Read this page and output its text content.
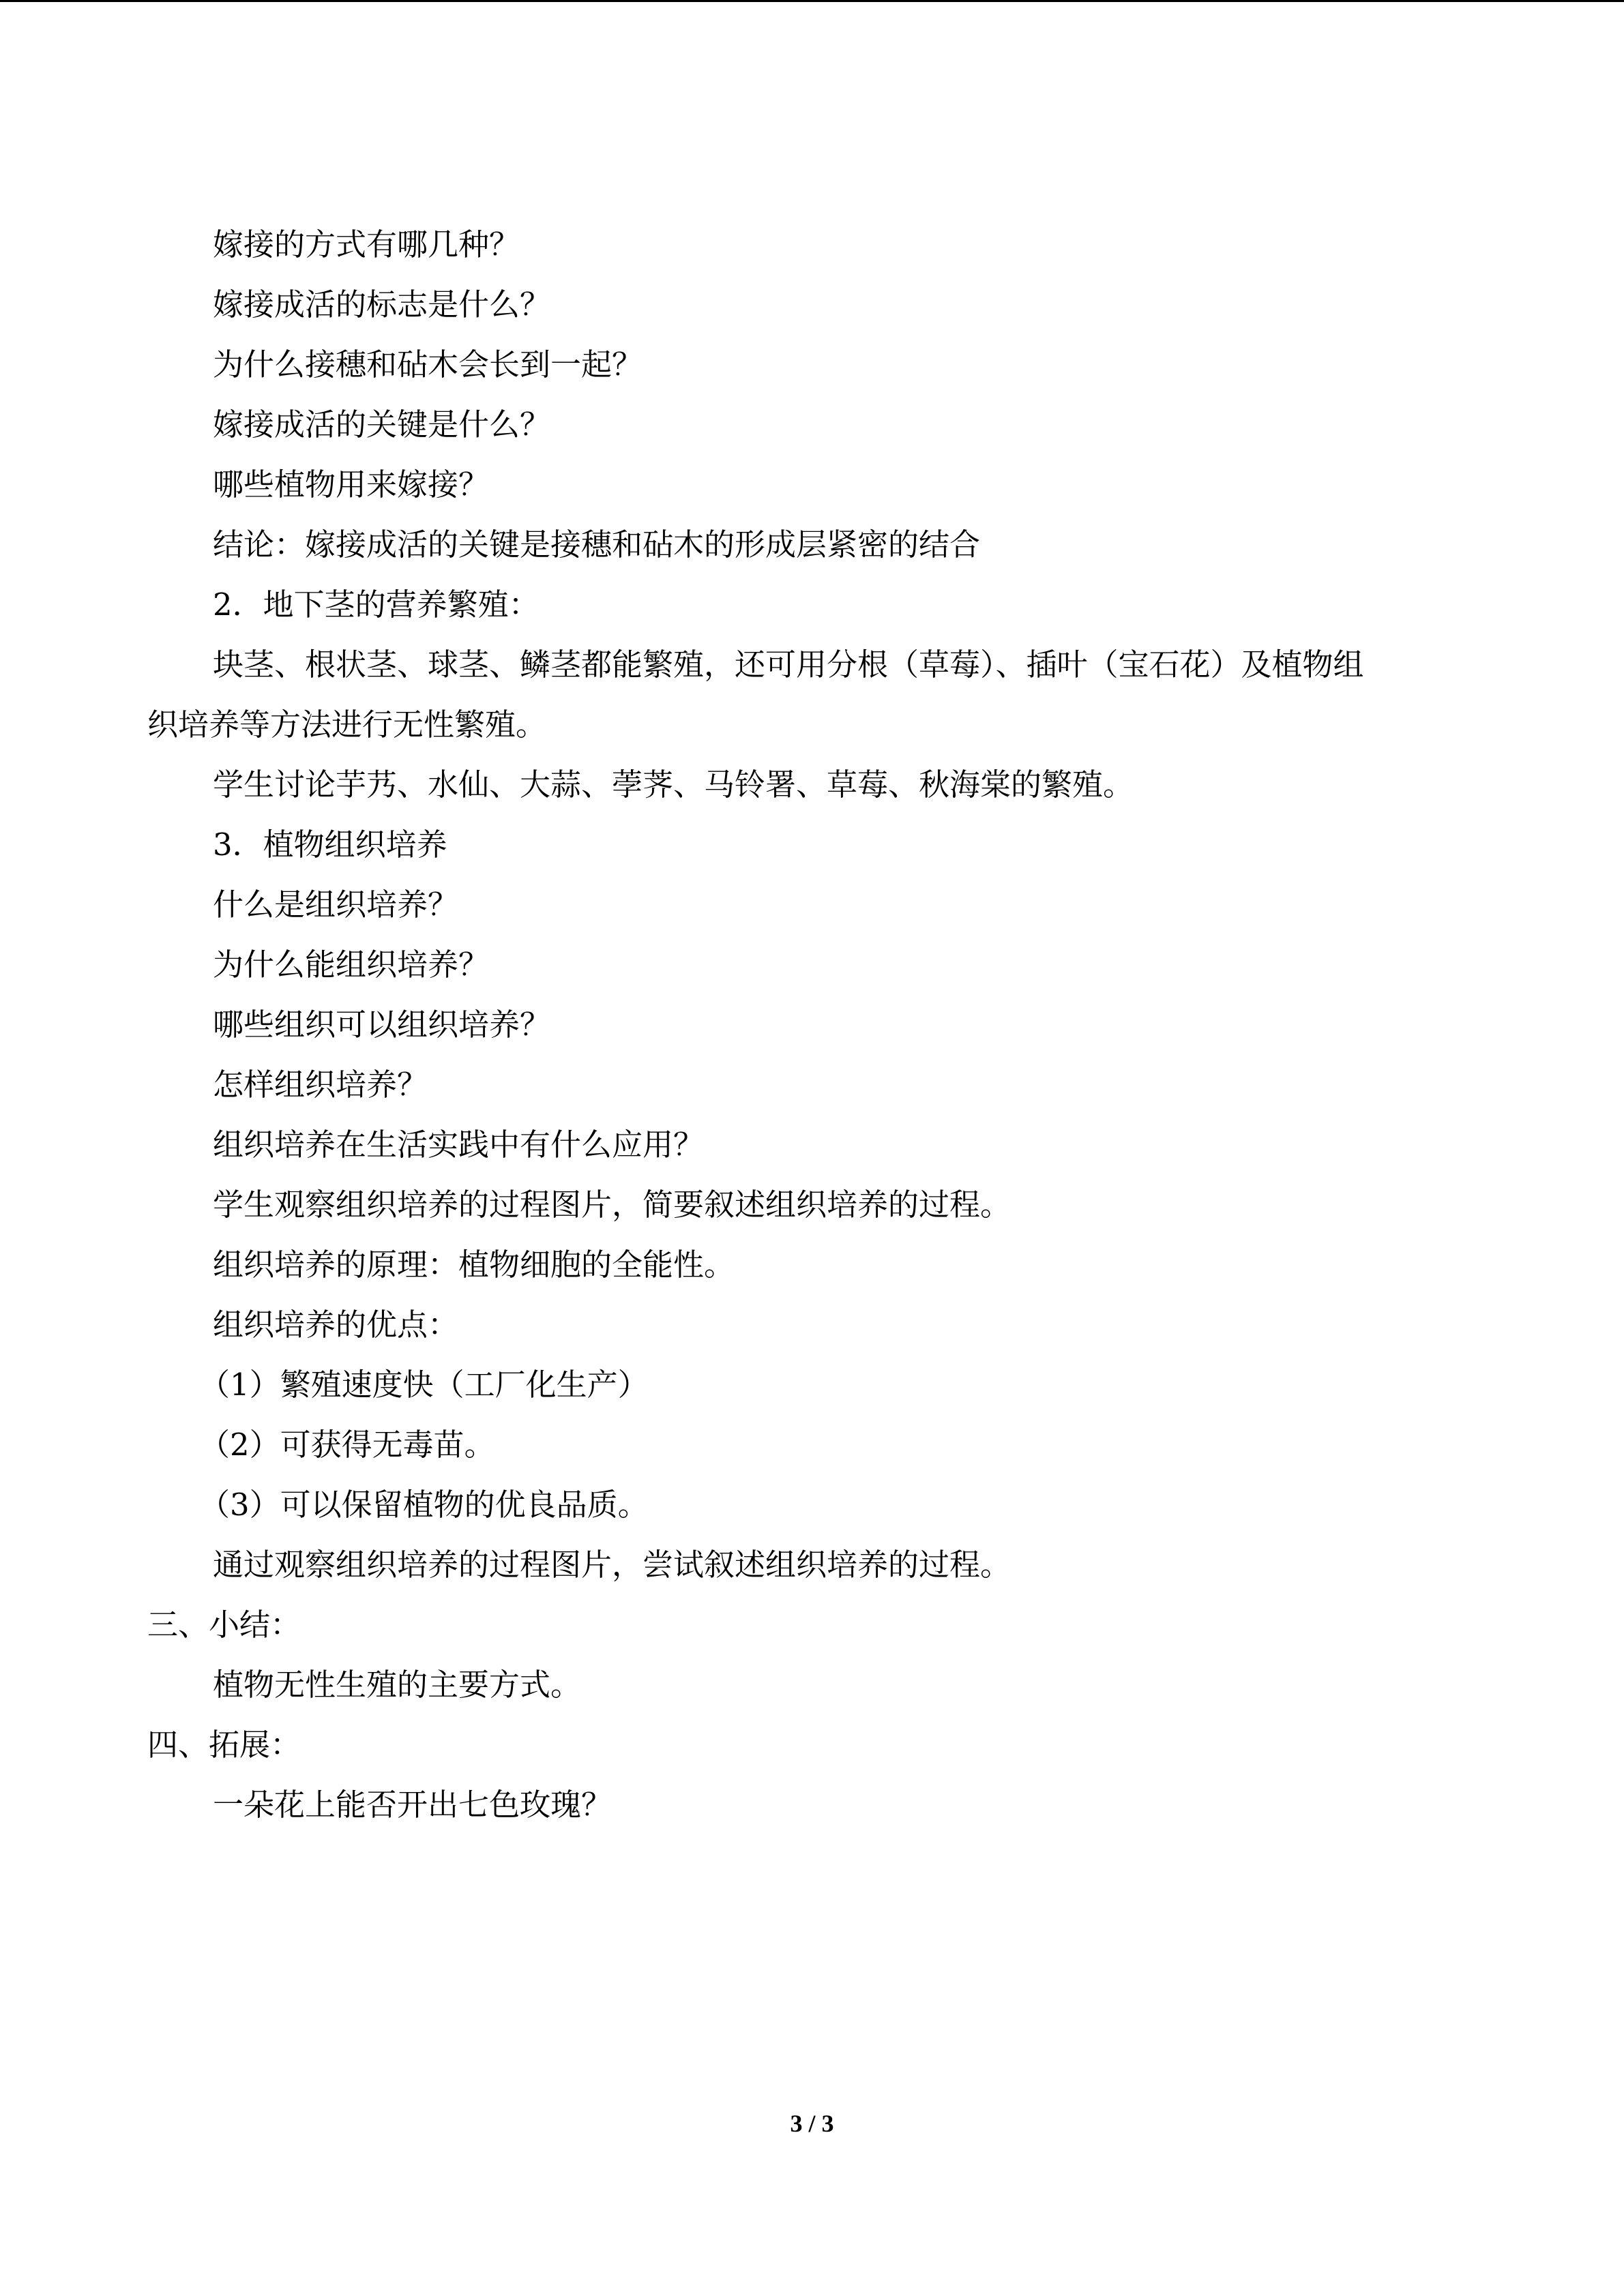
嫁接的方式有哪几种？
嫁接成活的标志是什么？
为什么接穗和砧木会长到一起？
嫁接成活的关键是什么？
哪些植物用来嫁接？
结论：嫁接成活的关键是接穗和砧木的形成层紧密的结合
2．地下茎的营养繁殖：
块茎、根状茎、球茎、鳞茎都能繁殖，还可用分根（草莓）、插叶（宝石花）及植物组
织培养等方法进行无性繁殖。
学生讨论芋艿、水仙、大蒜、荸荠、马铃署、草莓、秋海棠的繁殖。
3．植物组织培养
什么是组织培养？
为什么能组织培养？
哪些组织可以组织培养？
怎样组织培养？
组织培养在生活实践中有什么应用？
学生观察组织培养的过程图片，简要叙述组织培养的过程。
组织培养的原理：植物细胞的全能性。
组织培养的优点：
（1）繁殖速度快（工厂化生产）
（2）可获得无毒苗。
（3）可以保留植物的优良品质。
通过观察组织培养的过程图片，尝试叙述组织培养的过程。
三、小结：
植物无性生殖的主要方式。
四、拓展：
一朵花上能否开出七色玫瑰？
3 / 3
